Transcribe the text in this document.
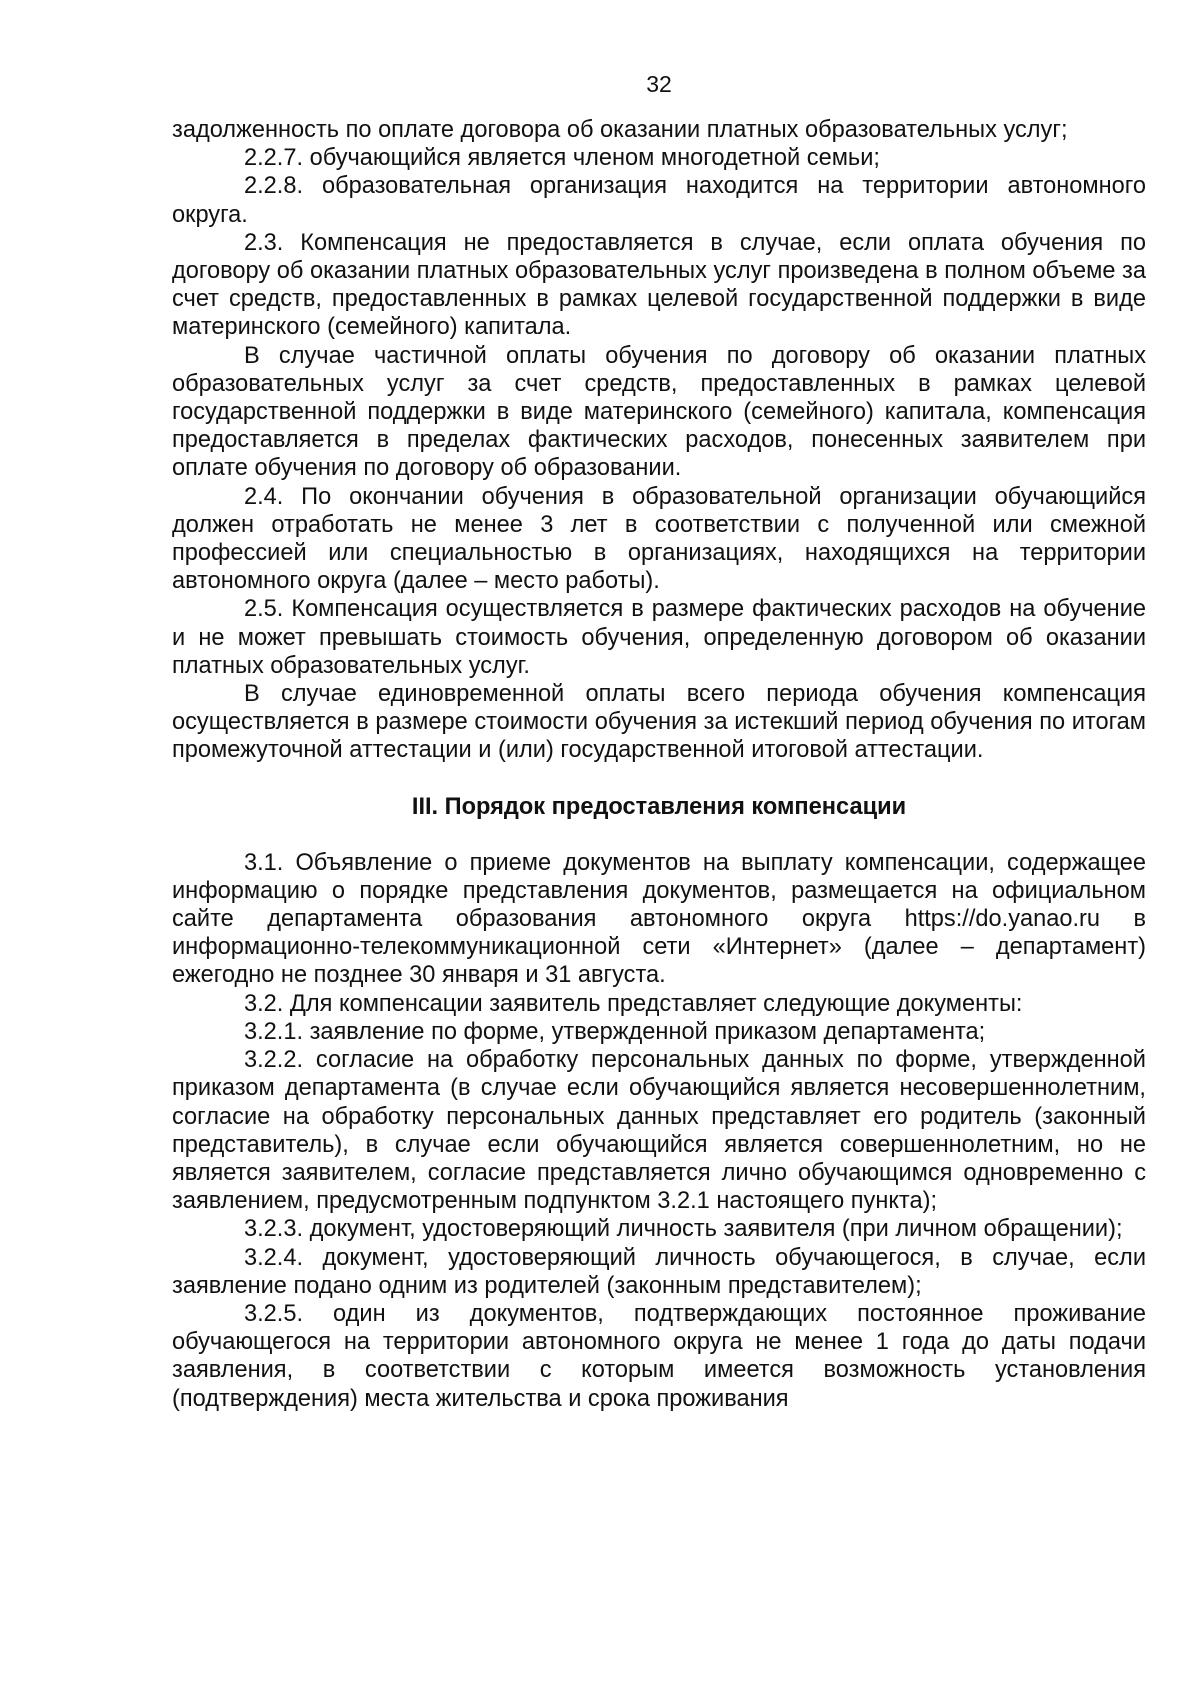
32

задолженность по оплате договора об оказании платных образовательных услуг;

2.2.7. обучающийся является членом многодетной семьи;

2.2.8. образовательная организация находится на территории автономного округа.

2.3. Компенсация не предоставляется в случае, если оплата обучения по договору об оказании платных образовательных услуг произведена в полном объеме за счет средств, предоставленных в рамках целевой государственной поддержки в виде материнского (семейного) капитала.

В случае частичной оплаты обучения по договору об оказании платных образовательных услуг за счет средств, предоставленных в рамках целевой государственной поддержки в виде материнского (семейного) капитала, компенсация предоставляется в пределах фактических расходов, понесенных заявителем при оплате обучения по договору об образовании.

2.4. По окончании обучения в образовательной организации обучающийся должен отработать не менее 3 лет в соответствии с полученной или смежной профессией или специальностью в организациях, находящихся на территории автономного округа (далее – место работы).

2.5. Компенсация осуществляется в размере фактических расходов на обучение и не может превышать стоимость обучения, определенную договором об оказании платных образовательных услуг.

В случае единовременной оплаты всего периода обучения компенсация осуществляется в размере стоимости обучения за истекший период обучения по итогам промежуточной аттестации и (или) государственной итоговой аттестации.

III. Порядок предоставления компенсации

3.1. Объявление о приеме документов на выплату компенсации, содержащее информацию о порядке представления документов, размещается на официальном сайте департамента образования автономного округа https://do.yanao.ru в информационно-телекоммуникационной сети «Интернет» (далее – департамент) ежегодно не позднее 30 января и 31 августа.

3.2. Для компенсации заявитель представляет следующие документы:

3.2.1. заявление по форме, утвержденной приказом департамента;

3.2.2. согласие на обработку персональных данных по форме, утвержденной приказом департамента (в случае если обучающийся является несовершеннолетним, согласие на обработку персональных данных представляет его родитель (законный представитель), в случае если обучающийся является совершеннолетним, но не является заявителем, согласие представляется лично обучающимся одновременно с заявлением, предусмотренным подпунктом 3.2.1 настоящего пункта);

3.2.3. документ, удостоверяющий личность заявителя (при личном обращении);

3.2.4. документ, удостоверяющий личность обучающегося, в случае, если заявление подано одним из родителей (законным представителем);

3.2.5. один из документов, подтверждающих постоянное проживание обучающегося на территории автономного округа не менее 1 года до даты подачи заявления, в соответствии с которым имеется возможность установления (подтверждения) места жительства и срока проживания
